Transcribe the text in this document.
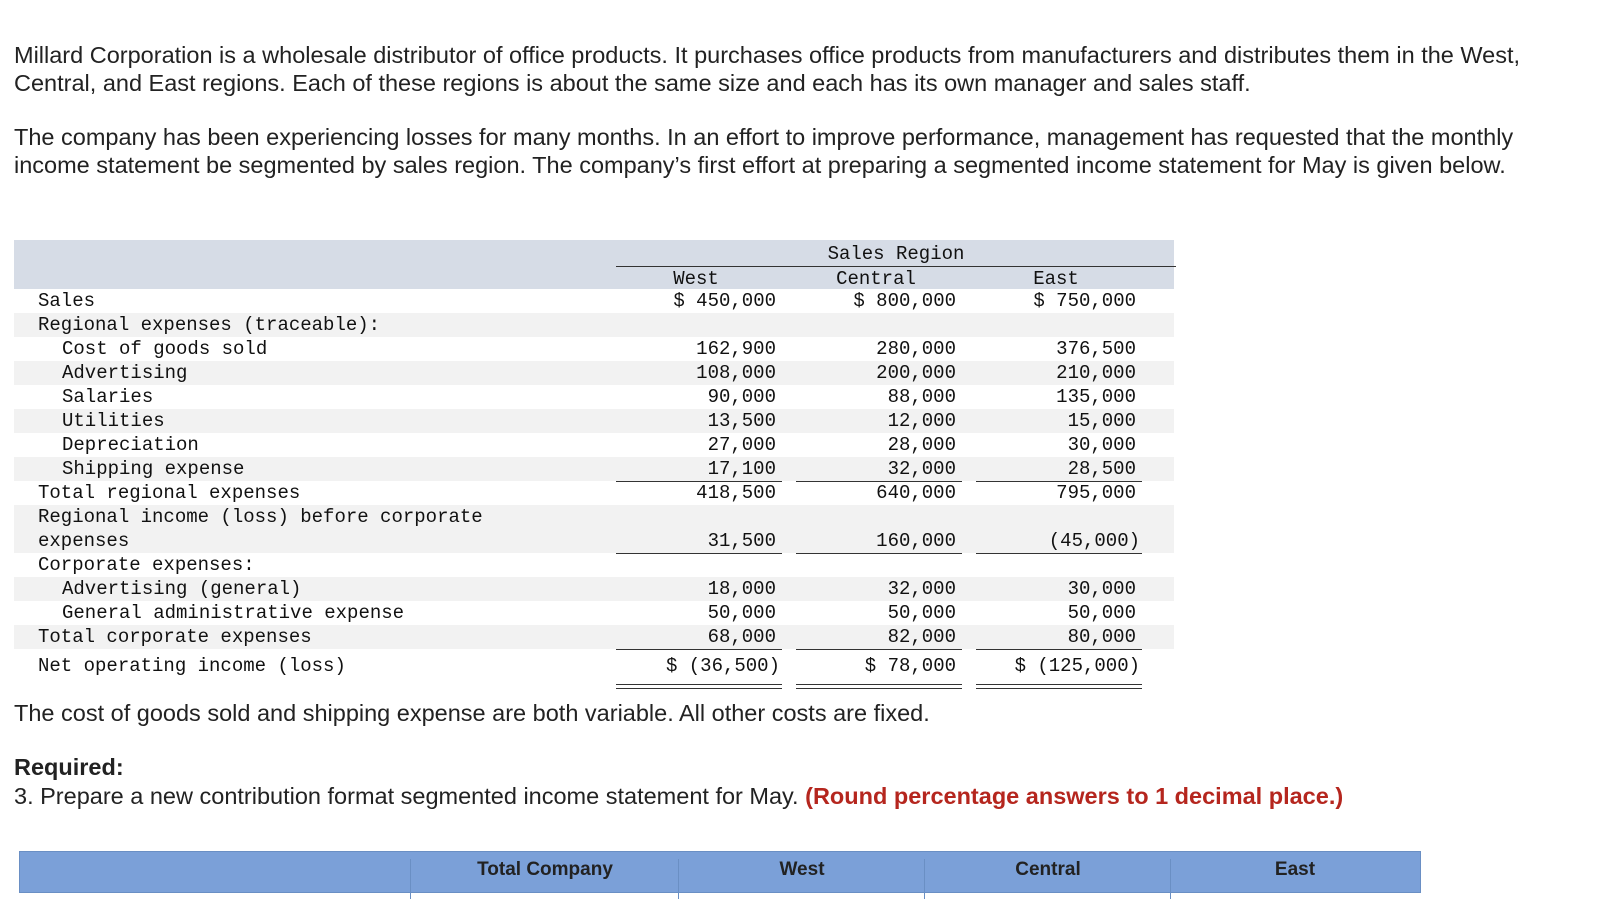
Millard Corporation is a wholesale distributor of office products. It purchases office products from manufacturers and distributes them in the West, Central, and East regions. Each of these regions is about the same size and each has its own manager and sales staff.

The company has been experiencing losses for many months. In an effort to improve performance, management has requested that the monthly income statement be segmented by sales region. The company’s first effort at preparing a segmented income statement for May is given below.

Sales Region
West	Central	East
Sales	$ 450,000	$ 800,000	$ 750,000
Regional expenses (traceable):
Cost of goods sold	162,900	280,000	376,500
Advertising	108,000	200,000	210,000
Salaries	90,000	88,000	135,000
Utilities	13,500	12,000	15,000
Depreciation	27,000	28,000	30,000
Shipping expense	17,100	32,000	28,500
Total regional expenses	418,500	640,000	795,000
Regional income (loss) before corporate
expenses	31,500	160,000	(45,000)
Corporate expenses:
Advertising (general)	18,000	32,000	30,000
General administrative expense	50,000	50,000	50,000
Total corporate expenses	68,000	82,000	80,000
Net operating income (loss)	$ (36,500)	$ 78,000	$ (125,000)

The cost of goods sold and shipping expense are both variable. All other costs are fixed.

Required:

3. Prepare a new contribution format segmented income statement for May. (Round percentage answers to 1 decimal place.)

Total Company	West	Central	East
